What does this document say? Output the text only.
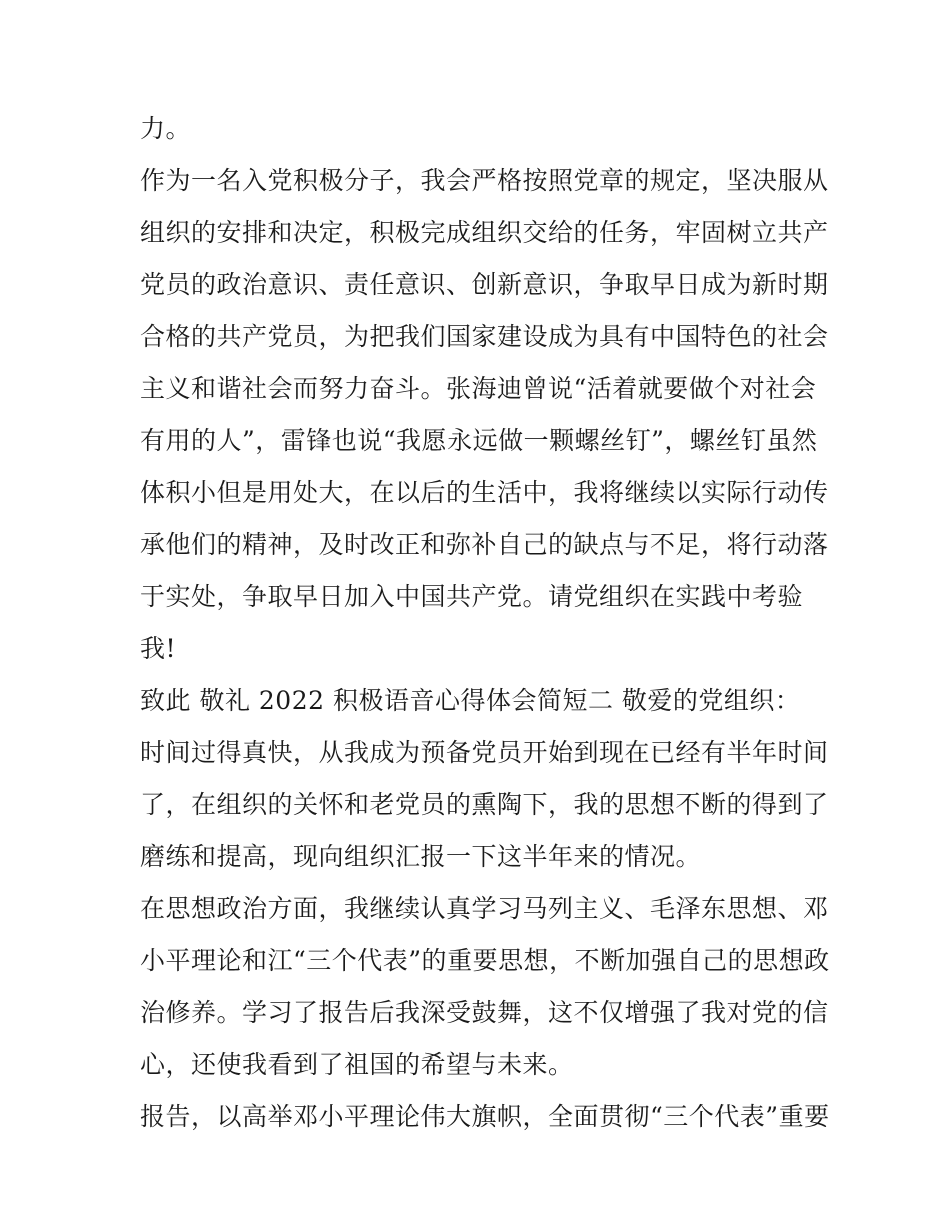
力。
作为一名入党积极分子，我会严格按照党章的规定，坚决服从
组织的安排和决定，积极完成组织交给的任务，牢固树立共产
党员的政治意识、责任意识、创新意识，争取早日成为新时期
合格的共产党员，为把我们国家建设成为具有中国特色的社会
主义和谐社会而努力奋斗。张海迪曾说“活着就要做个对社会
有用的人”，雷锋也说“我愿永远做一颗螺丝钉”，螺丝钉虽然
体积小但是用处大，在以后的生活中，我将继续以实际行动传
承他们的精神，及时改正和弥补自己的缺点与不足，将行动落
于实处，争取早日加入中国共产党。请党组织在实践中考验
我!
致此 敬礼 2022 积极语音心得体会简短二 敬爱的党组织：
时间过得真快，从我成为预备党员开始到现在已经有半年时间
了，在组织的关怀和老党员的熏陶下，我的思想不断的得到了
磨练和提高，现向组织汇报一下这半年来的情况。
在思想政治方面，我继续认真学习马列主义、毛泽东思想、邓
小平理论和江“三个代表”的重要思想，不断加强自己的思想政
治修养。学习了报告后我深受鼓舞，这不仅增强了我对党的信
心，还使我看到了祖国的希望与未来。
报告，以高举邓小平理论伟大旗帜，全面贯彻“三个代表”重要
